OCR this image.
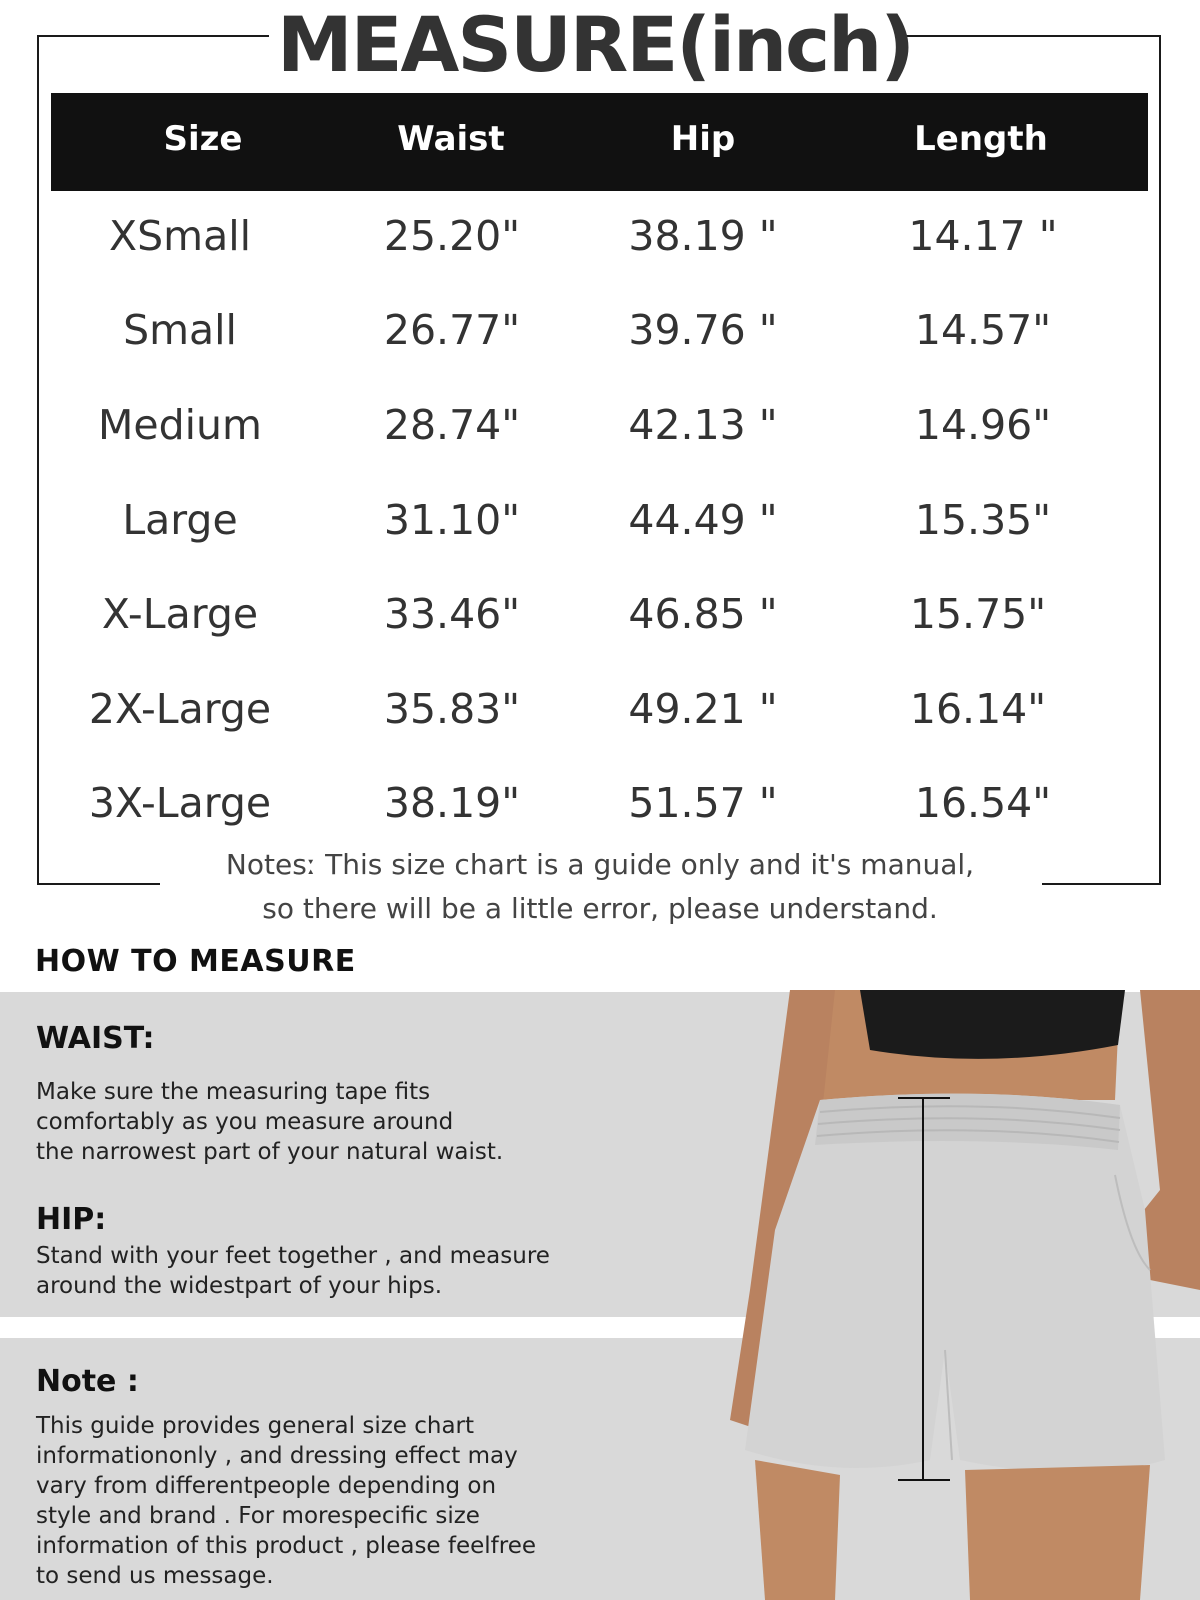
MEASURE(inch)
Size	Waist	Hip	Length
XSmall	25.20"	38.19 "	14.17 "
Small	26.77"	39.76 "	14.57"
Medium	28.74"	42.13 "	14.96"
Large	31.10"	44.49 "	15.35"
X-Large	33.46"	46.85 "	15.75"
2X-Large	35.83"	49.21 "	16.14"
3X-Large	38.19"	51.57 "	16.54"
Notesː This size chart is a guide only and it's manual,
so there will be a little error, please understand.
HOW TO MEASURE
WAIST:
Make sure the measuring tape fits
comfortably as you measure around
the narrowest part of your natural waist.
HIP:
Stand with your feet together , and measure
around the widestpart of your hips.
Note :
This guide provides general size chart
informationonly , and dressing effect may
vary from differentpeople depending on
style and brand . For morespecific size
information of this product , please feelfree
to send us message.
